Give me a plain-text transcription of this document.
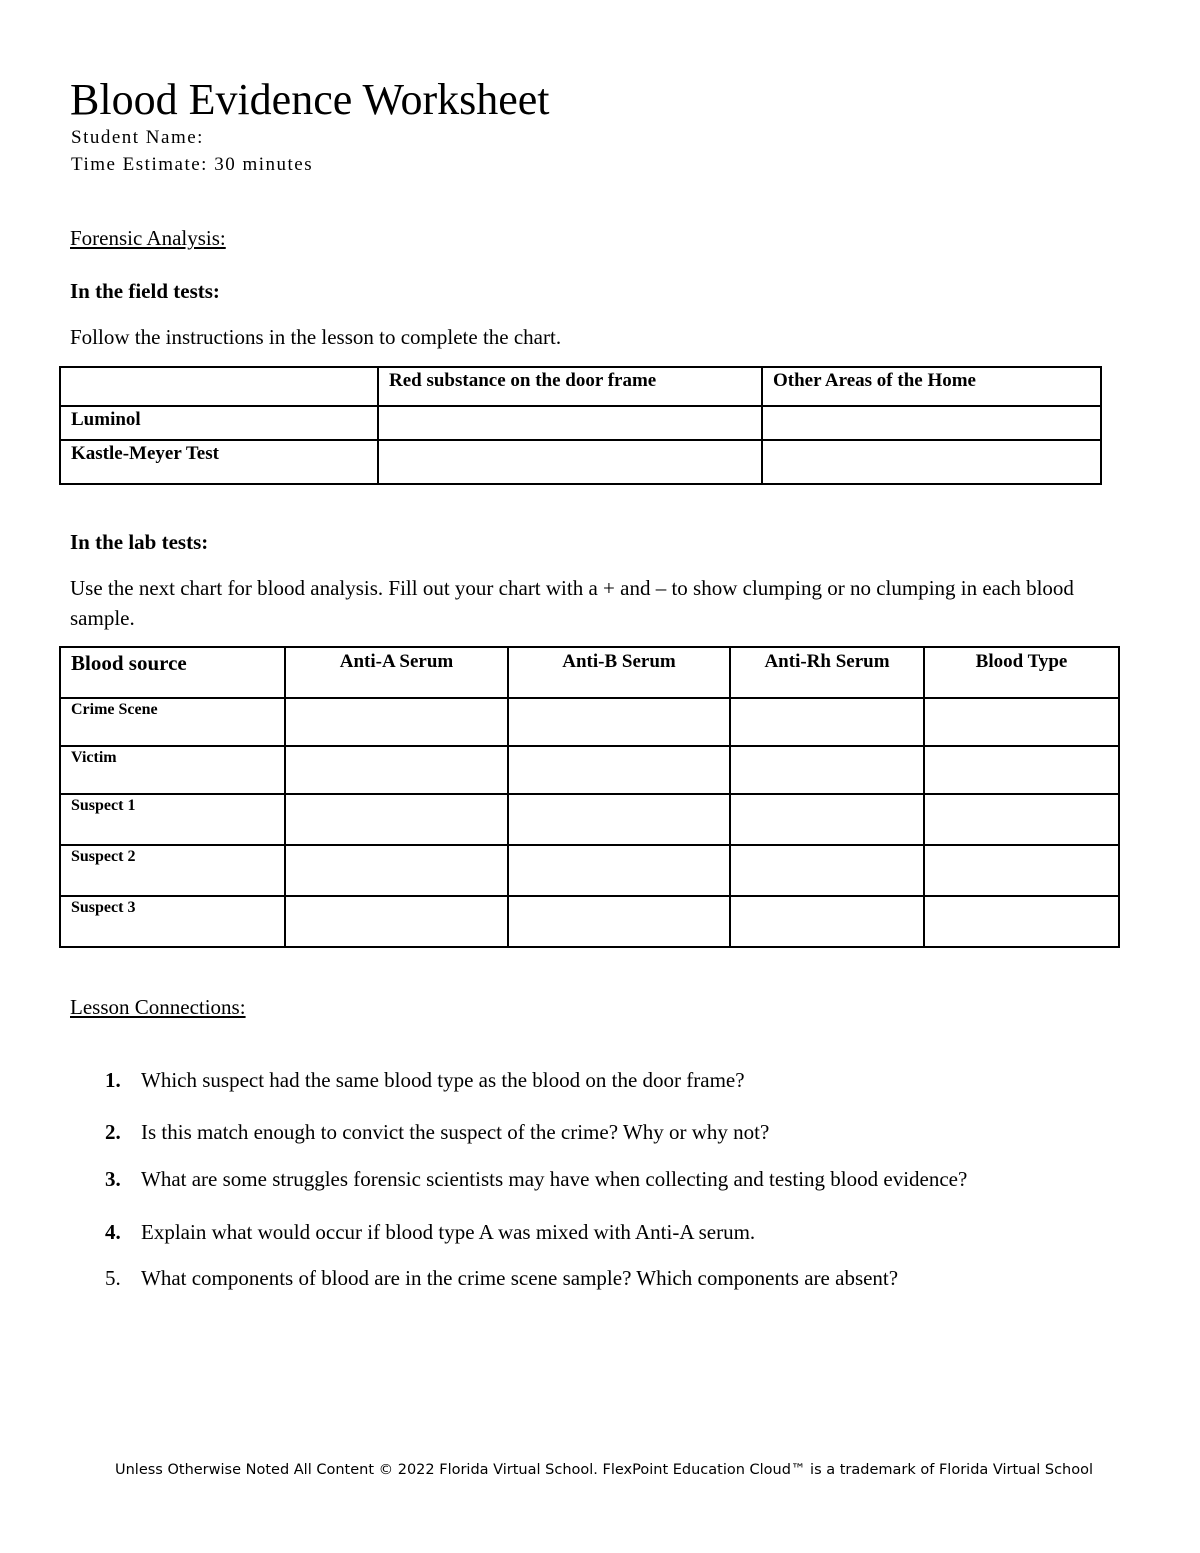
Blood Evidence Worksheet
Student Name:
Time Estimate: 30 minutes
Forensic Analysis:
In the field tests:
Follow the instructions in the lesson to complete the chart.
	Red substance on the door frame	Other Areas of the Home
Luminol		
Kastle-Meyer Test		
In the lab tests:
Use the next chart for blood analysis. Fill out your chart with a + and – to show clumping or no clumping in each blood sample.
Blood source	Anti-A Serum	Anti-B Serum	Anti-Rh Serum	Blood Type
Crime Scene				
Victim				
Suspect 1				
Suspect 2				
Suspect 3				
Lesson Connections:
1. Which suspect had the same blood type as the blood on the door frame?
2. Is this match enough to convict the suspect of the crime? Why or why not?
3. What are some struggles forensic scientists may have when collecting and testing blood evidence?
4. Explain what would occur if blood type A was mixed with Anti-A serum.
5. What components of blood are in the crime scene sample? Which components are absent?
Unless Otherwise Noted All Content © 2022 Florida Virtual School. FlexPoint Education Cloud™ is a trademark of Florida Virtual School
